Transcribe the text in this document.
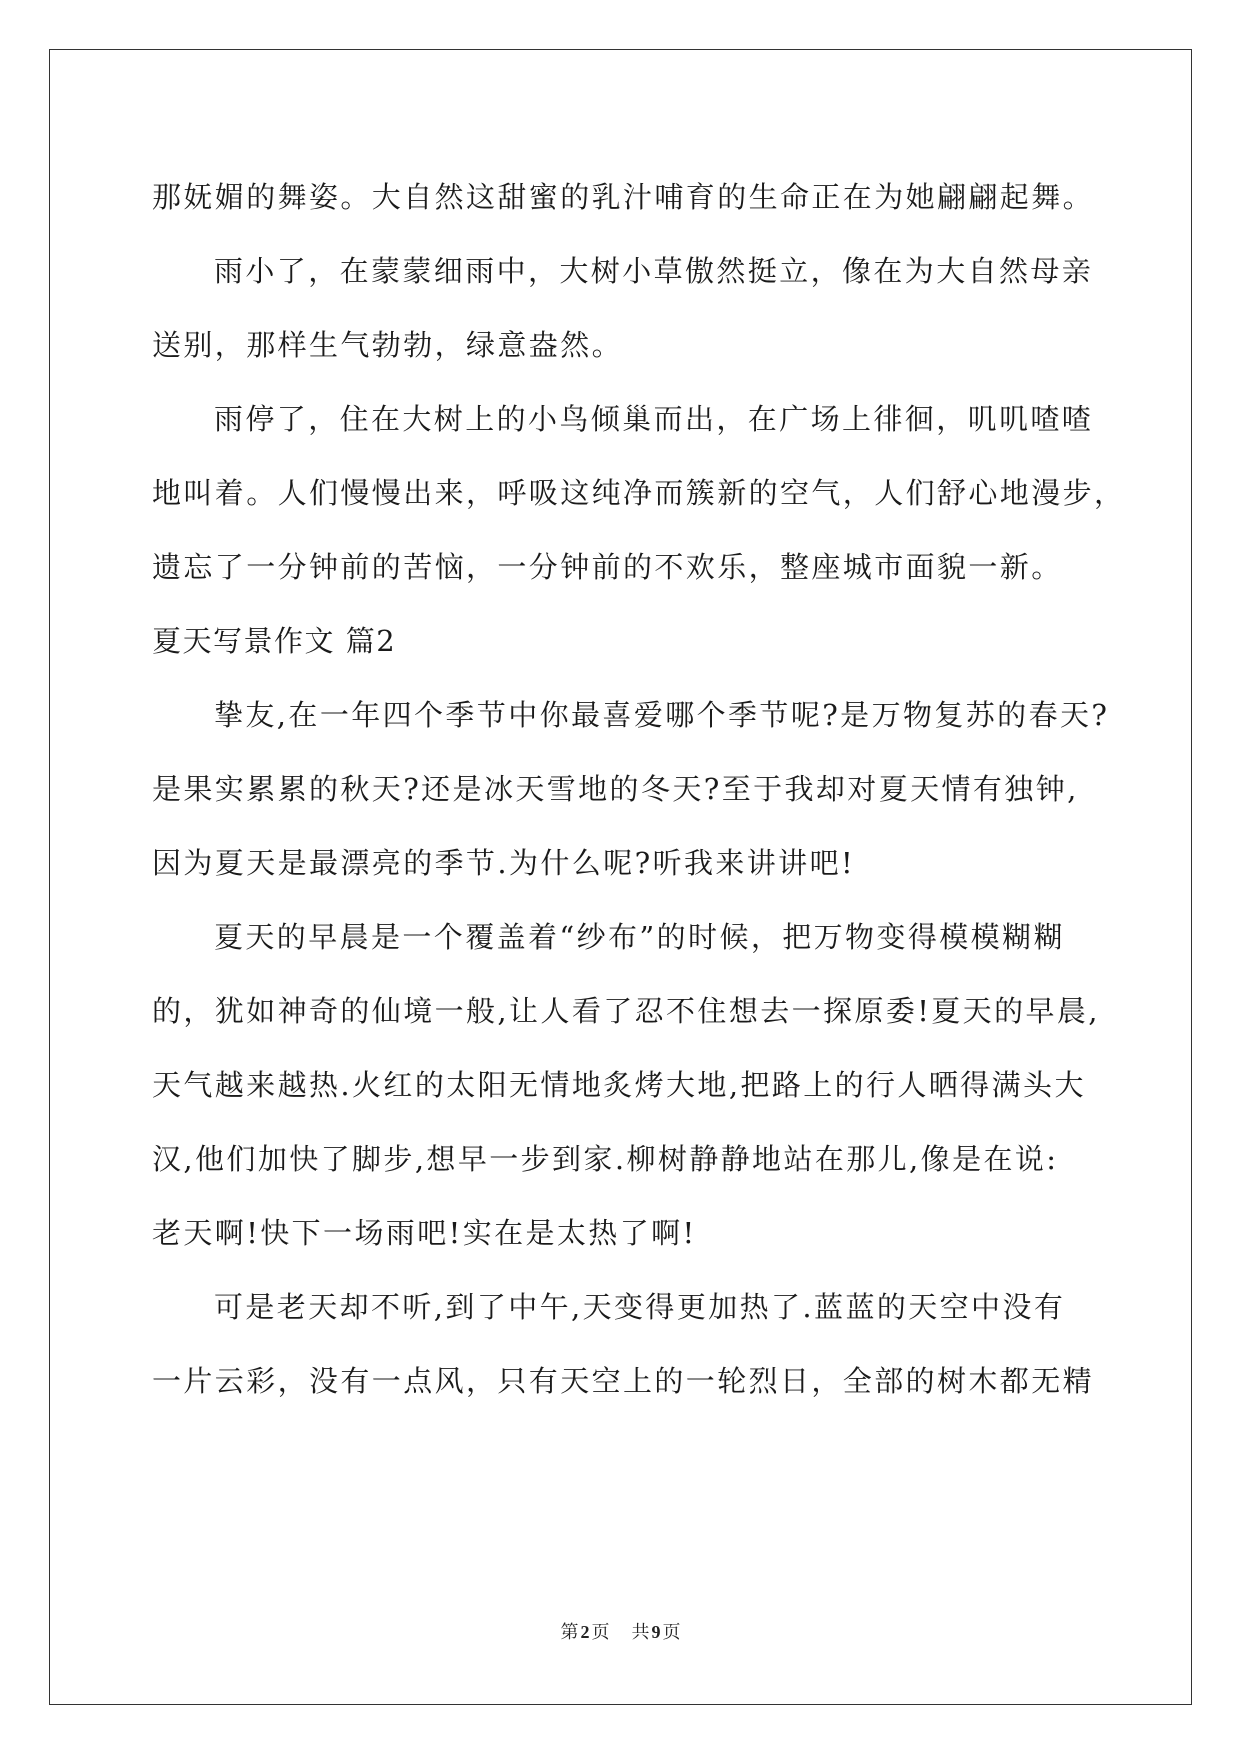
那妩媚的舞姿。大自然这甜蜜的乳汁哺育的生命正在为她翩翩起舞。
雨小了，在蒙蒙细雨中，大树小草傲然挺立，像在为大自然母亲
送别，那样生气勃勃，绿意盎然。
雨停了，住在大树上的小鸟倾巢而出，在广场上徘徊，叽叽喳喳
地叫着。人们慢慢出来，呼吸这纯净而簇新的空气，人们舒心地漫步，
遗忘了一分钟前的苦恼，一分钟前的不欢乐，整座城市面貌一新。
夏天写景作文 篇2
挚友,在一年四个季节中你最喜爱哪个季节呢?是万物复苏的春天?
是果实累累的秋天?还是冰天雪地的冬天?至于我却对夏天情有独钟,
因为夏天是最漂亮的季节.为什么呢?听我来讲讲吧!
夏天的早晨是一个覆盖着“纱布”的时候，把万物变得模模糊糊
的，犹如神奇的仙境一般,让人看了忍不住想去一探原委!夏天的早晨,
天气越来越热.火红的太阳无情地炙烤大地,把路上的行人晒得满头大
汉,他们加快了脚步,想早一步到家.柳树静静地站在那儿,像是在说:
老天啊!快下一场雨吧!实在是太热了啊!
可是老天却不听,到了中午,天变得更加热了.蓝蓝的天空中没有
一片云彩，没有一点风，只有天空上的一轮烈日，全部的树木都无精
第 2 页 共 9 页
